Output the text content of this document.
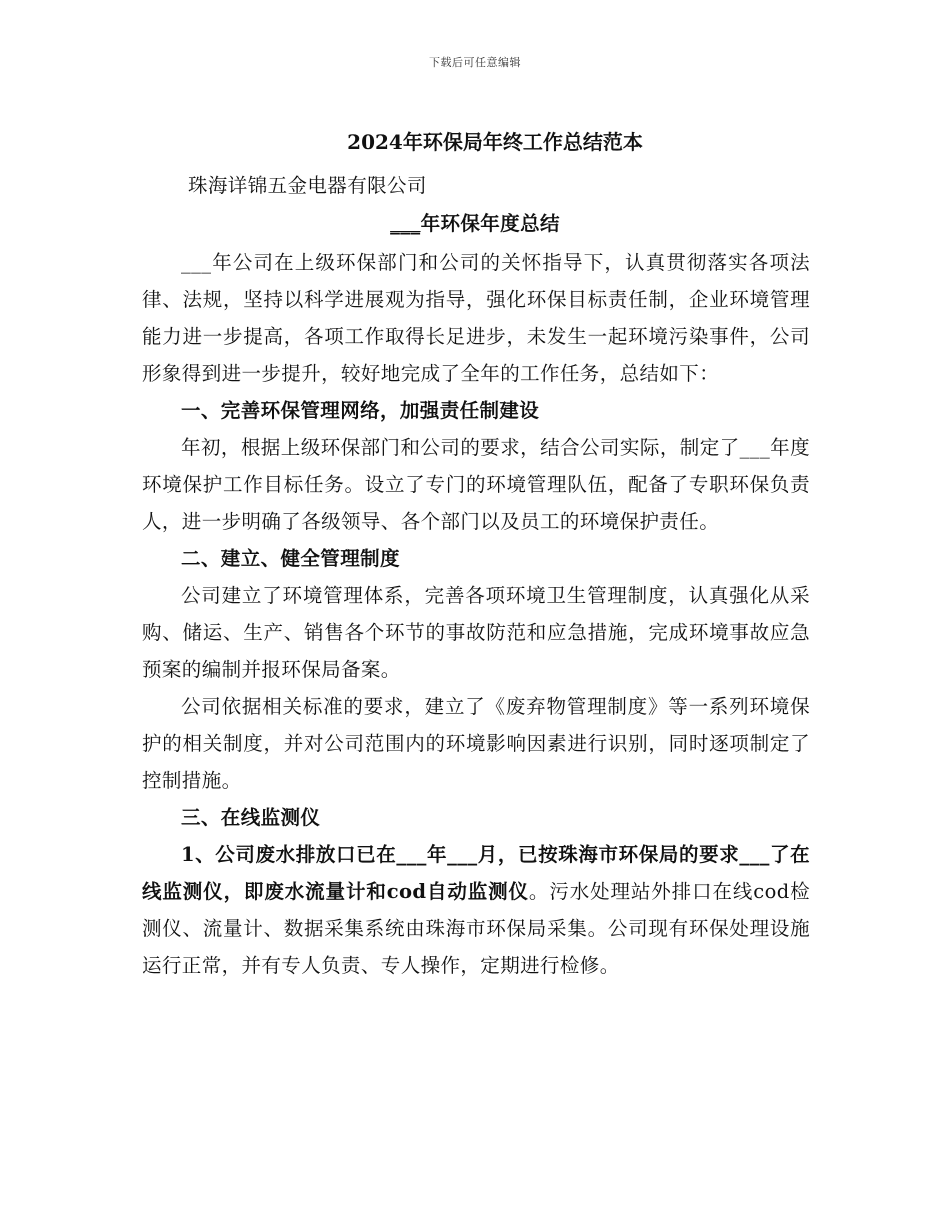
下载后可任意编辑
2024年环保局年终工作总结范本
珠海详锦五金电器有限公司
___年环保年度总结

___年公司在上级环保部门和公司的关怀指导下，认真贯彻落实各项法律、法规，坚持以科学进展观为指导，强化环保目标责任制，企业环境管理能力进一步提高，各项工作取得长足进步，未发生一起环境污染事件，公司形象得到进一步提升，较好地完成了全年的工作任务，总结如下：

一、完善环保管理网络，加强责任制建设

年初，根据上级环保部门和公司的要求，结合公司实际，制定了___年度环境保护工作目标任务。设立了专门的环境管理队伍，配备了专职环保负责人，进一步明确了各级领导、各个部门以及员工的环境保护责任。

二、建立、健全管理制度

公司建立了环境管理体系，完善各项环境卫生管理制度，认真强化从采购、储运、生产、销售各个环节的事故防范和应急措施，完成环境事故应急预案的编制并报环保局备案。

公司依据相关标准的要求，建立了《废弃物管理制度》等一系列环境保护的相关制度，并对公司范围内的环境影响因素进行识别，同时逐项制定了控制措施。

三、在线监测仪

1、公司废水排放口已在___年___月，已按珠海市环保局的要求___了在线监测仪，即废水流量计和cod自动监测仪。污水处理站外排口在线cod检测仪、流量计、数据采集系统由珠海市环保局采集。公司现有环保处理设施运行正常，并有专人负责、专人操作，定期进行检修。
